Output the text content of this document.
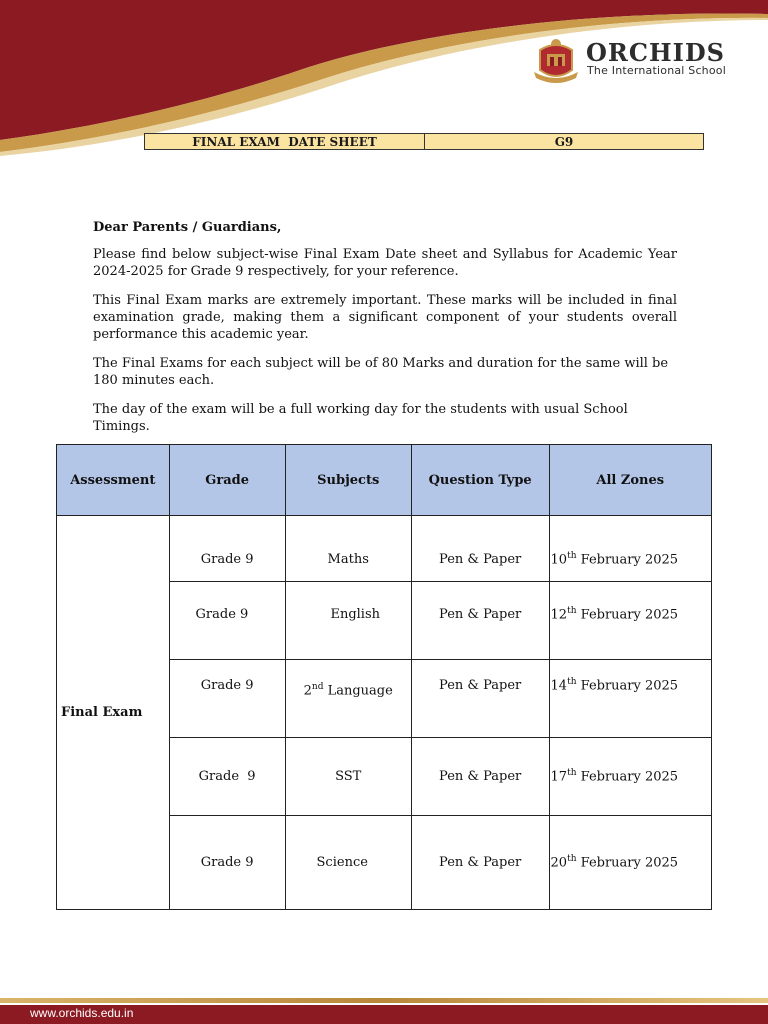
ORCHIDS
The International School
FINAL EXAM  DATE SHEET	G9

Dear Parents / Guardians,

Please find below subject-wise Final Exam Date sheet and Syllabus for Academic Year 2024-2025 for Grade 9 respectively, for your reference.

This Final Exam marks are extremely important. These marks will be included in final examination grade, making them a significant component of your students overall performance this academic year.

The Final Exams for each subject will be of 80 Marks and duration for the same will be 180 minutes each.

The day of the exam will be a full working day for the students with usual School Timings.

Assessment	Grade	Subjects	Question Type	All Zones
Final Exam	Grade 9	Maths	Pen & Paper	10th February 2025
	Grade 9	English	Pen & Paper	12th February 2025
	Grade 9	2nd Language	Pen & Paper	14th February 2025
	Grade  9	SST	Pen & Paper	17th February 2025
	Grade 9	Science	Pen & Paper	20th February 2025
www.orchids.edu.in
